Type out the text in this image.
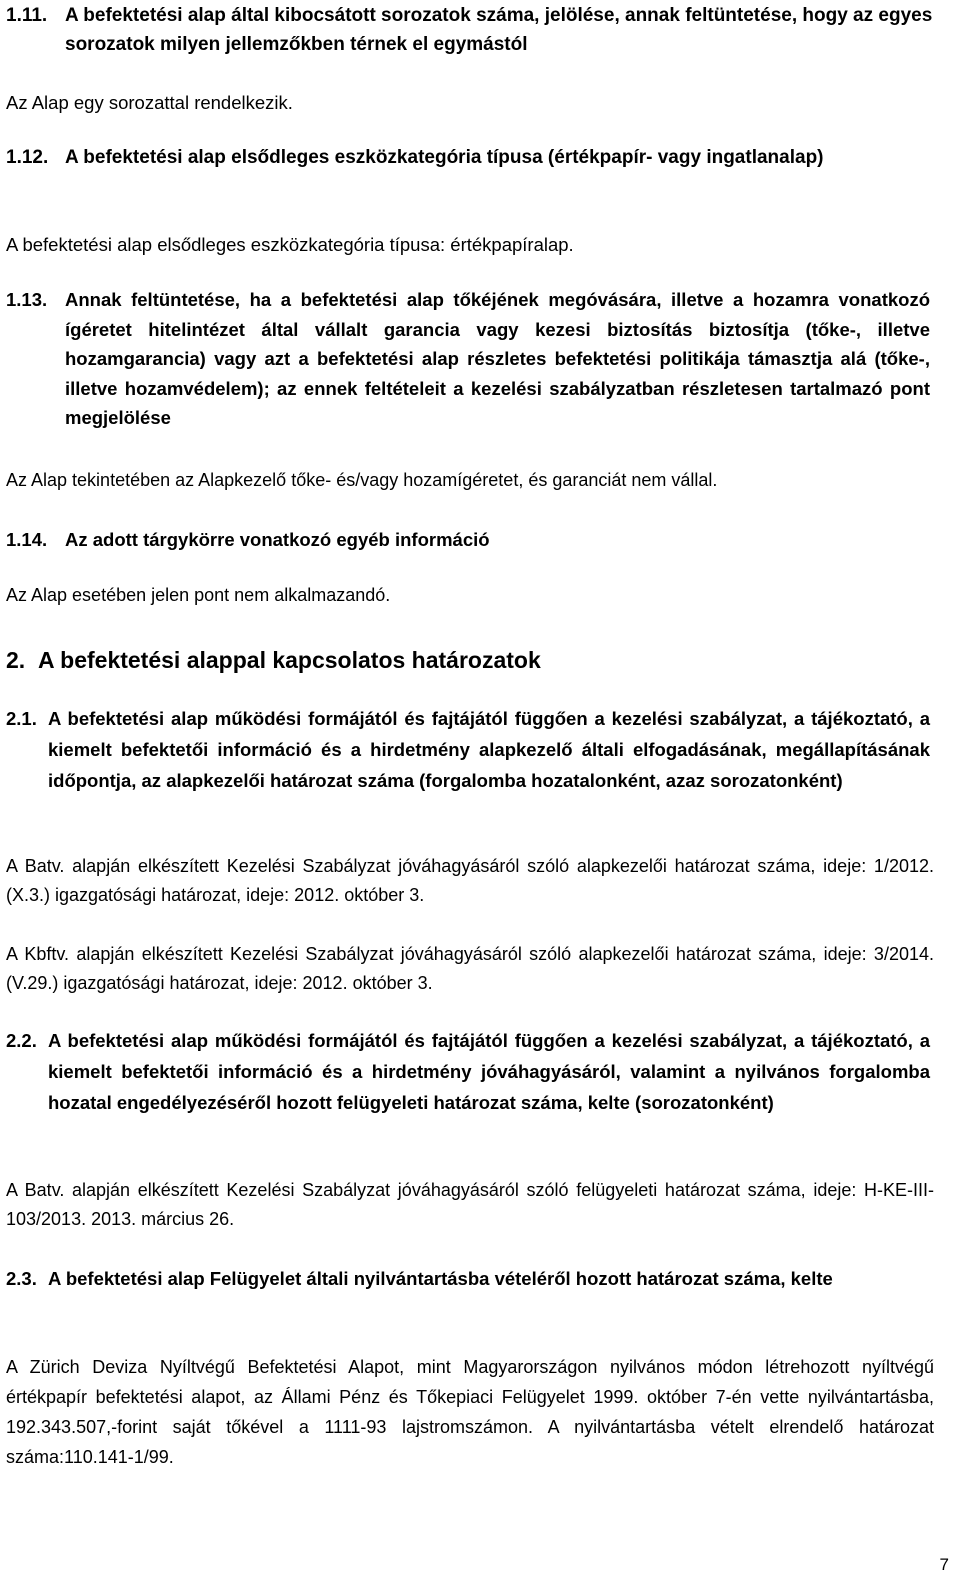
1.11. A befektetési alap által kibocsátott sorozatok száma, jelölése, annak feltüntetése, hogy az egyes sorozatok milyen jellemzőkben térnek el egymástól
Az Alap egy sorozattal rendelkezik.
1.12. A befektetési alap elsődleges eszközkategória típusa (értékpapír- vagy ingatlanalap)
A befektetési alap elsődleges eszközkategória típusa: értékpapíralap.
1.13. Annak feltüntetése, ha a befektetési alap tőkéjének megóvására, illetve a hozamra vonatkozó ígéretet hitelintézet által vállalt garancia vagy kezesi biztosítás biztosítja (tőke-, illetve hozamgarancia) vagy azt a befektetési alap részletes befektetési politikája támasztja alá (tőke-, illetve hozamvédelem); az ennek feltételeit a kezelési szabályzatban részletesen tartalmazó pont megjelölése
Az Alap tekintetében az Alapkezelő tőke- és/vagy hozamígéretet, és garanciát nem vállal.
1.14. Az adott tárgykörre vonatkozó egyéb információ
Az Alap esetében jelen pont nem alkalmazandó.
2. A befektetési alappal kapcsolatos határozatok
2.1. A befektetési alap működési formájától és fajtájától függően a kezelési szabályzat, a tájékoztató, a kiemelt befektetői információ és a hirdetmény alapkezelő általi elfogadásának, megállapításának időpontja, az alapkezelői határozat száma (forgalomba hozatalonként, azaz sorozatonként)
A Batv. alapján elkészített Kezelési Szabályzat jóváhagyásáról szóló alapkezelői határozat száma, ideje: 1/2012. (X.3.) igazgatósági határozat, ideje: 2012. október 3.
A Kbftv. alapján elkészített Kezelési Szabályzat jóváhagyásáról szóló alapkezelői határozat száma, ideje: 3/2014. (V.29.) igazgatósági határozat, ideje: 2012. október 3.
2.2. A befektetési alap működési formájától és fajtájától függően a kezelési szabályzat, a tájékoztató, a kiemelt befektetői információ és a hirdetmény jóváhagyásáról, valamint a nyilvános forgalomba hozatal engedélyezéséről hozott felügyeleti határozat száma, kelte (sorozatonként)
A Batv. alapján elkészített Kezelési Szabályzat jóváhagyásáról szóló felügyeleti határozat száma, ideje: H-KE-III-103/2013. 2013. március 26.
2.3. A befektetési alap Felügyelet általi nyilvántartásba vételéről hozott határozat száma, kelte
A Zürich Deviza Nyíltvégű Befektetési Alapot, mint Magyarországon nyilvános módon létrehozott nyíltvégű értékpapír befektetési alapot, az Állami Pénz és Tőkepiaci Felügyelet 1999. október 7-én vette nyilvántartásba, 192.343.507,-forint saját tőkével a 1111-93 lajstromszámon. A nyilvántartásba vételt elrendelő határozat száma:110.141-1/99.
7
